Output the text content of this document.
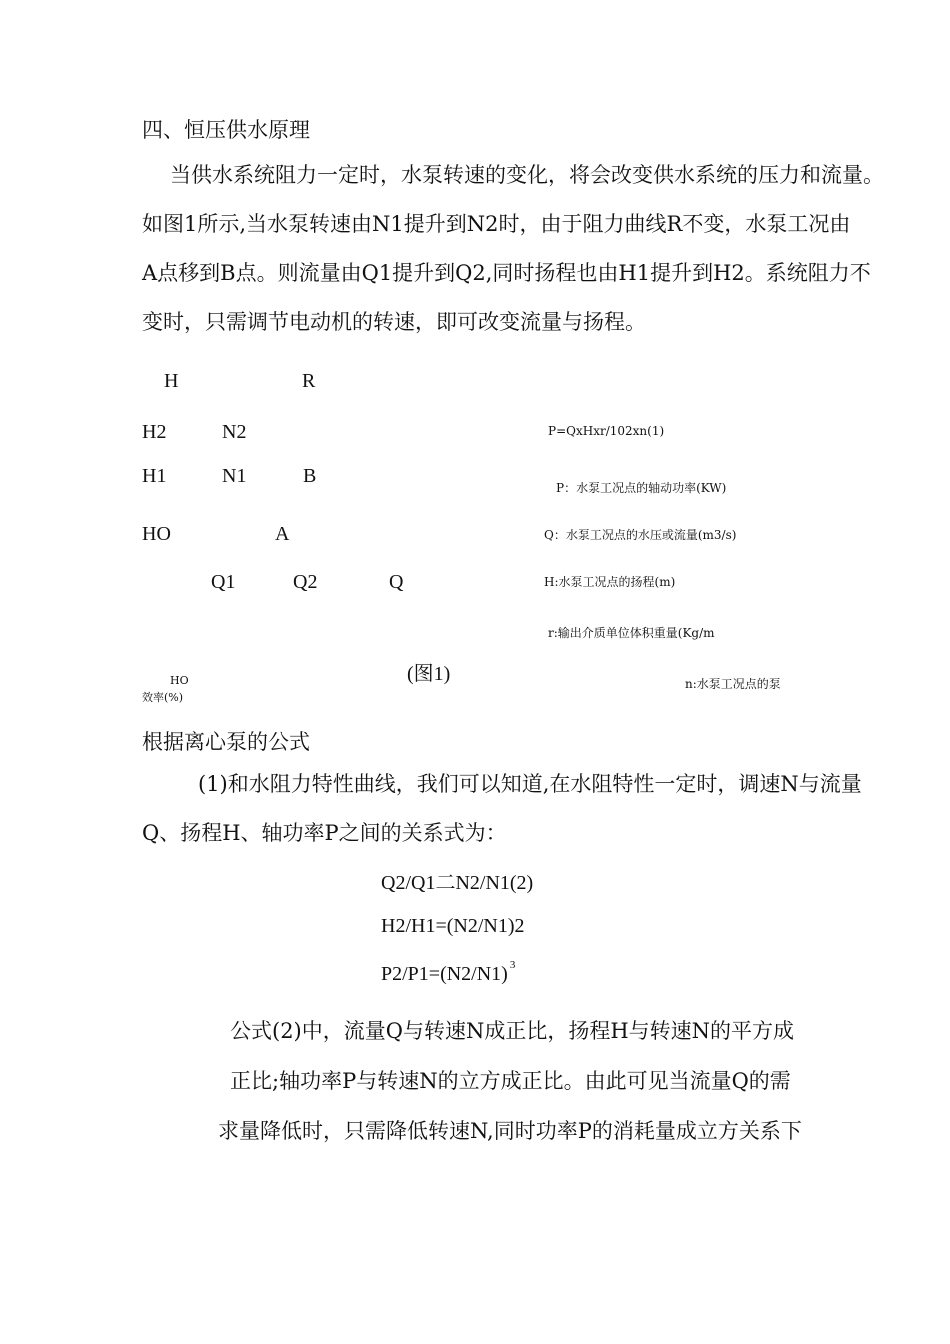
四、恒压供水原理
当供水系统阻力一定时，水泵转速的变化，将会改变供水系统的压力和流量。
如图1所示,当水泵转速由N1提升到N2时，由于阻力曲线R不变，水泵工况由
A点移到B点。则流量由Q1提升到Q2,同时扬程也由H1提升到H2。系统阻力不
变时，只需调节电动机的转速，即可改变流量与扬程。
H	R
H2	N2
H1	N1	B
HO	A
Q1	Q2	Q
(图1)
HO
效率(%)
P=QxHxr/102xn(1)
P：水泵工况点的轴动功率(KW)
Q：水泵工况点的水压或流量(m3/s)
H:水泵工况点的扬程(m)
r:输出介质单位体积重量(Kg/m
n:水泵工况点的泵
根据离心泵的公式
(1)和水阻力特性曲线，我们可以知道,在水阻特性一定时，调速N与流量
Q、扬程H、轴功率P之间的关系式为：
Q2/Q1二N2/N1(2)
H2/H1=(N2/N1)2
P2/P1=(N2/N1) $^3$
公式(2)中，流量Q与转速N成正比，扬程H与转速N的平方成
正比;轴功率P与转速N的立方成正比。由此可见当流量Q的需
求量降低时，只需降低转速N,同时功率P的消耗量成立方关系下
